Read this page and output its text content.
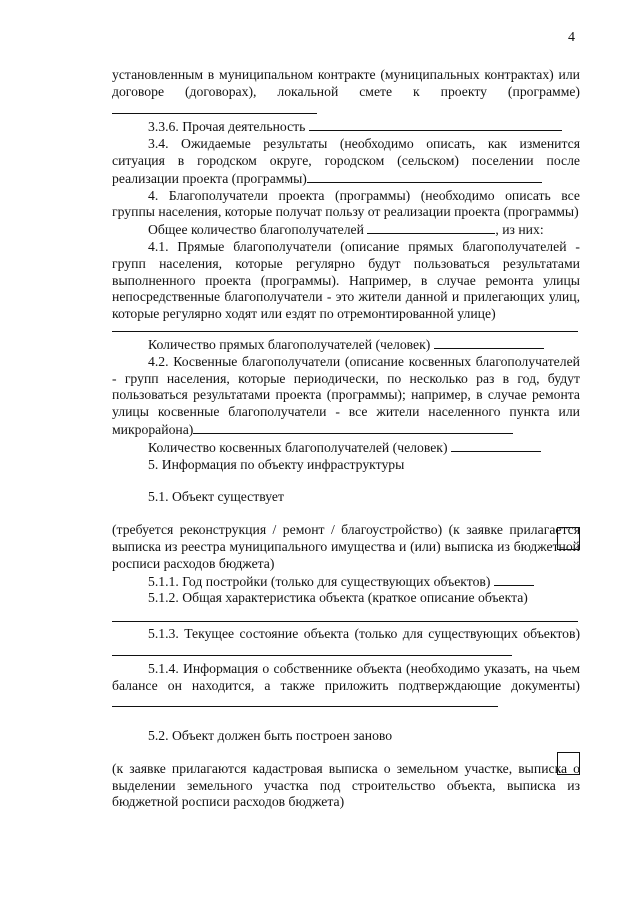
4

установленным в муниципальном контракте (муниципальных контрактах) или договоре (договорах), локальной смете к проекту (программе)

3.3.6. Прочая деятельность

3.4. Ожидаемые результаты (необходимо описать, как изменится ситуация в городском округе, городском (сельском) поселении после реализации проекта (программы)

4. Благополучатели проекта (программы) (необходимо описать все группы населения, которые получат пользу от реализации проекта (программы)

Общее количество благополучателей	, из них:

4.1. Прямые благополучатели (описание прямых благополучателей - групп населения, которые регулярно будут пользоваться результатами выполненного проекта (программы). Например, в случае ремонта улицы непосредственные благополучатели - это жители данной и прилегающих улиц, которые регулярно ходят или ездят по отремонтированной улице)

Количество прямых благополучателей (человек)

4.2. Косвенные благополучатели (описание косвенных благополучателей - групп населения, которые периодически, по несколько раз в год, будут пользоваться результатами проекта (программы); например, в случае ремонта улицы косвенные благополучатели - все жители населенного пункта или микрорайона)

Количество косвенных благополучателей (человек)

5. Информация по объекту инфраструктуры

5.1. Объект существует

(требуется реконструкция / ремонт / благоустройство) (к заявке прилагается выписка из реестра муниципального имущества и (или) выписка из бюджетной росписи расходов бюджета)

5.1.1. Год постройки (только для существующих объектов)

5.1.2. Общая характеристика объекта (краткое описание объекта)

5.1.3. Текущее состояние объекта (только для существующих объектов)

5.1.4. Информация о собственнике объекта (необходимо указать, на чьем балансе он находится, а также приложить подтверждающие документы)

5.2. Объект должен быть построен заново

(к заявке прилагаются кадастровая выписка о земельном участке, выписка о выделении земельного участка под строительство объекта, выписка из бюджетной росписи расходов бюджета)
